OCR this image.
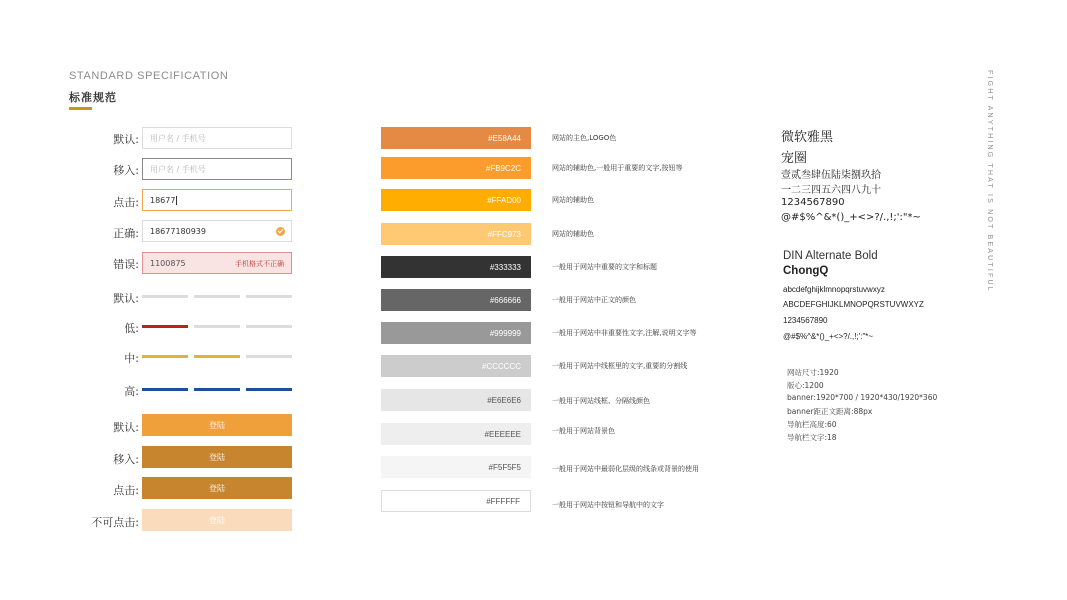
STANDARD SPECIFICATION
标准规范	FIGHT ANYTHING THAT IS NOT BEAUTIFUL
默认: 用户名 / 手机号
移入: 用户名 / 手机号
点击: 18677
正确: 18677180939
错误: 1100875	手机格式不正确
默认:
低:
中:
高:
默认:	登陆
移入:	登陆
点击:	登陆
不可点击:	登陆
#E58A44	网站的主色,LOGO色
#FB9C2C	网站的辅助色,一般用于重要的文字,按钮等
#FFAD00	网站的辅助色
#FFC973	网站的辅助色
#333333	一般用于网站中重要的文字和标题
#666666	一般用于网站中正文的颜色
#999999	一般用于网站中非重要性文字,注解,说明文字等
#CCCCCC	一般用于网站中线框里的文字,重要的分割线
#E6E6E6	一般用于网站线框、分隔线颜色
#EEEEEE	一般用于网站背景色
#F5F5F5	一般用于网站中最弱化层级的线条或背景的使用
#FFFFFF	一般用于网站中按钮和导航中的文字
微软雅黑
宠圈
壹贰叁肆伍陆柒捌玖拾
一二三四五六四八九十
1234567890
@#$%^&*()_+<>?/.,!;':"*~
DIN Alternate Bold
ChongQ
abcdefghijklmnopqrstuvwxyz
ABCDEFGHIJKLMNOPQRSTUVWXYZ
1234567890
@#$%^&*()_+<>?/.,!;':"*~
网站尺寸:1920
版心:1200
banner:1920*700 / 1920*430/1920*360
banner距正文距离:88px
导航栏高度:60
导航栏文字:18
